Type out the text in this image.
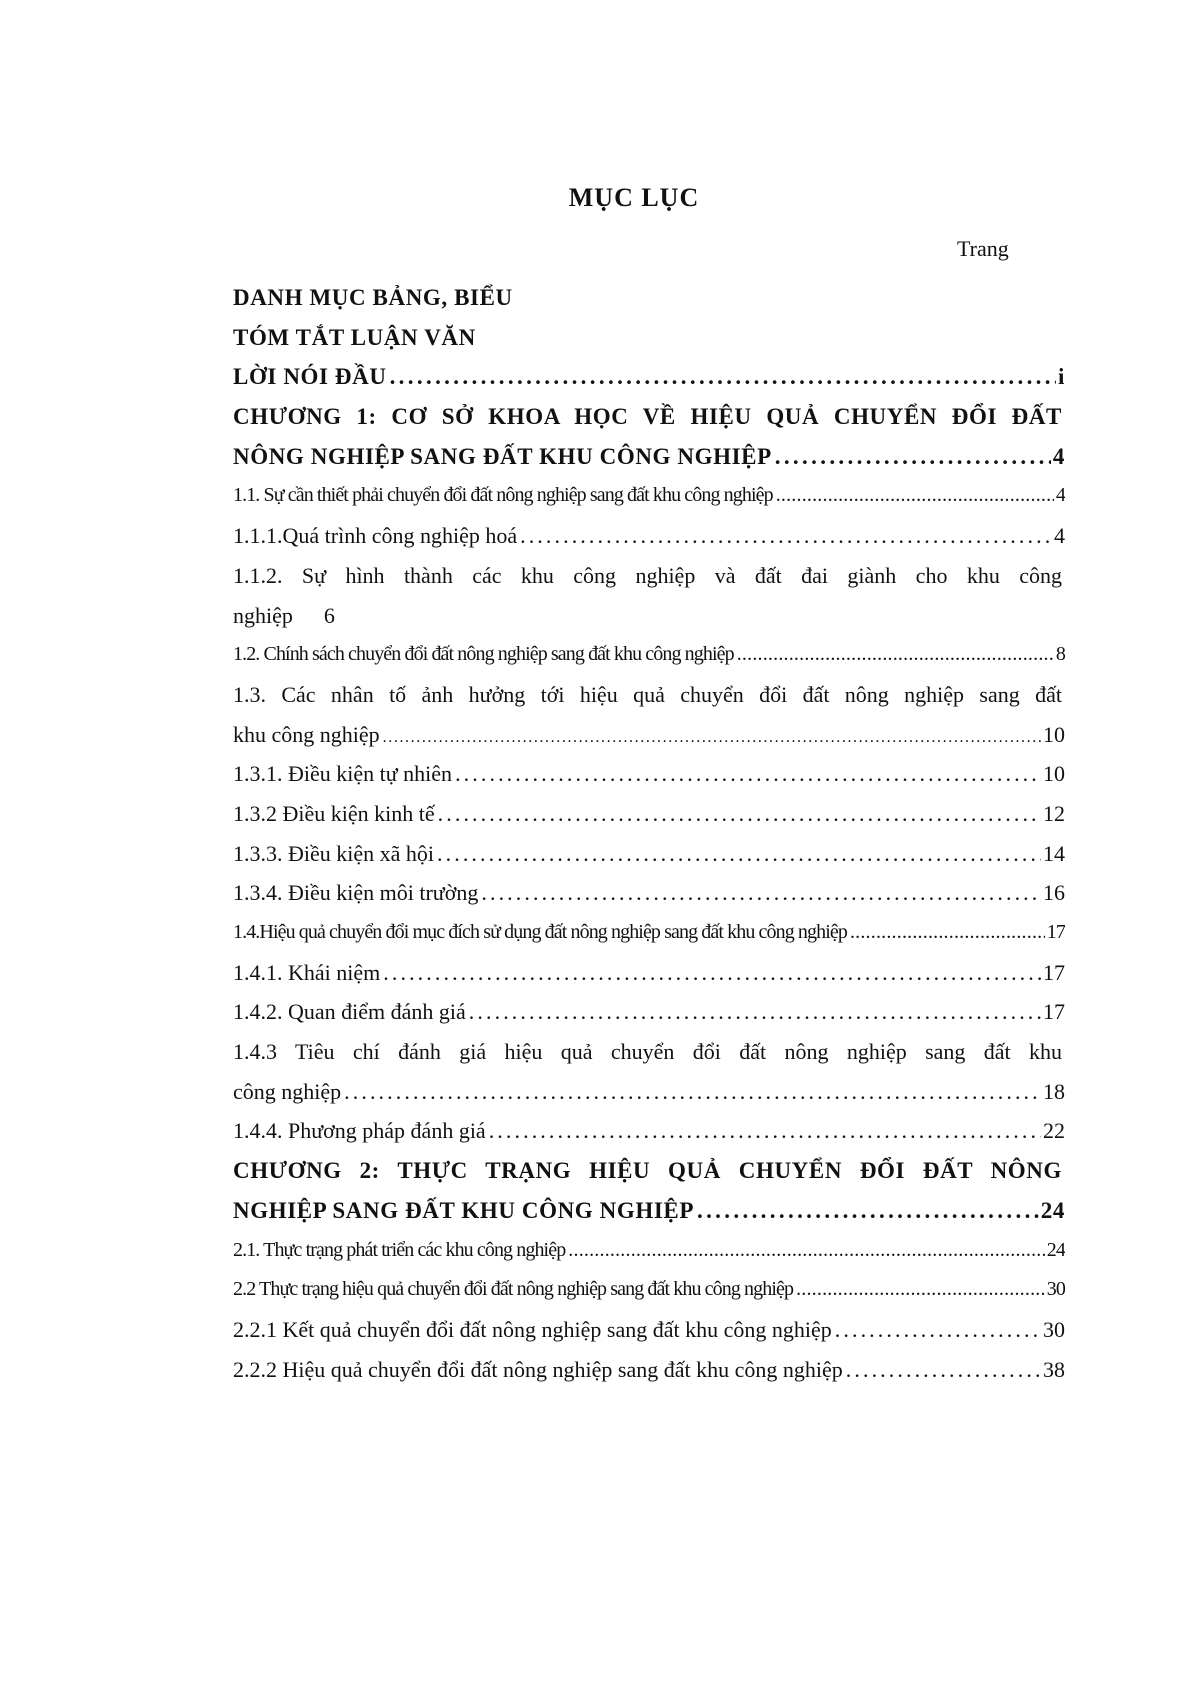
MỤC LỤC
Trang
DANH MỤC BẢNG, BIỂU
TÓM TẮT LUẬN VĂN
LỜI NÓI ĐẦU . . .	i
CHƯƠNG 1: CƠ SỞ KHOA HỌC VỀ HIỆU QUẢ CHUYỂN ĐỔI ĐẤT
NÔNG NGHIỆP SANG ĐẤT KHU CÔNG NGHIỆP . . .	4
1.1. Sự cần thiết phải chuyển đổi đất nông nghiệp sang đất khu công nghiệp . . .	4
1.1.1.Quá trình công nghiệp hoá . . .	4
1.1.2. Sự hình thành các khu công nghiệp và đất đai giành cho khu công
nghiệp 6
1.2. Chính sách chuyển đổi đất nông nghiệp sang đất khu công nghiệp . . .	8
1.3. Các nhân tố ảnh hưởng tới hiệu quả chuyển đổi đất nông nghiệp sang đất
khu công nghiệp . . .	10
1.3.1. Điều kiện tự nhiên . . .	10
1.3.2 Điều kiện kinh tế . . .	12
1.3.3. Điều kiện xã hội . . .	14
1.3.4. Điều kiện môi trường . . .	16
1.4.Hiệu quả chuyển đổi mục đích sử dụng đất nông nghiệp sang đất khu công nghiệp . . .	17
1.4.1. Khái niệm . . .	17
1.4.2. Quan điểm đánh giá . . .	17
1.4.3 Tiêu chí đánh giá hiệu quả chuyển đổi đất nông nghiệp sang đất khu
công nghiệp . . .	18
1.4.4. Phương pháp đánh giá . . .	22
CHƯƠNG 2: THỰC TRẠNG HIỆU QUẢ CHUYỂN ĐỔI ĐẤT NÔNG
NGHIỆP SANG ĐẤT KHU CÔNG NGHIỆP . . .	24
2.1. Thực trạng phát triển các khu công nghiệp . . .	24
2.2 Thực trạng hiệu quả chuyển đổi đất nông nghiệp sang đất khu công nghiệp . . .	30
2.2.1 Kết quả chuyển đổi đất nông nghiệp sang đất khu công nghiệp . . .	30
2.2.2 Hiệu quả chuyển đổi đất nông nghiệp sang đất khu công nghiệp . . .	38
